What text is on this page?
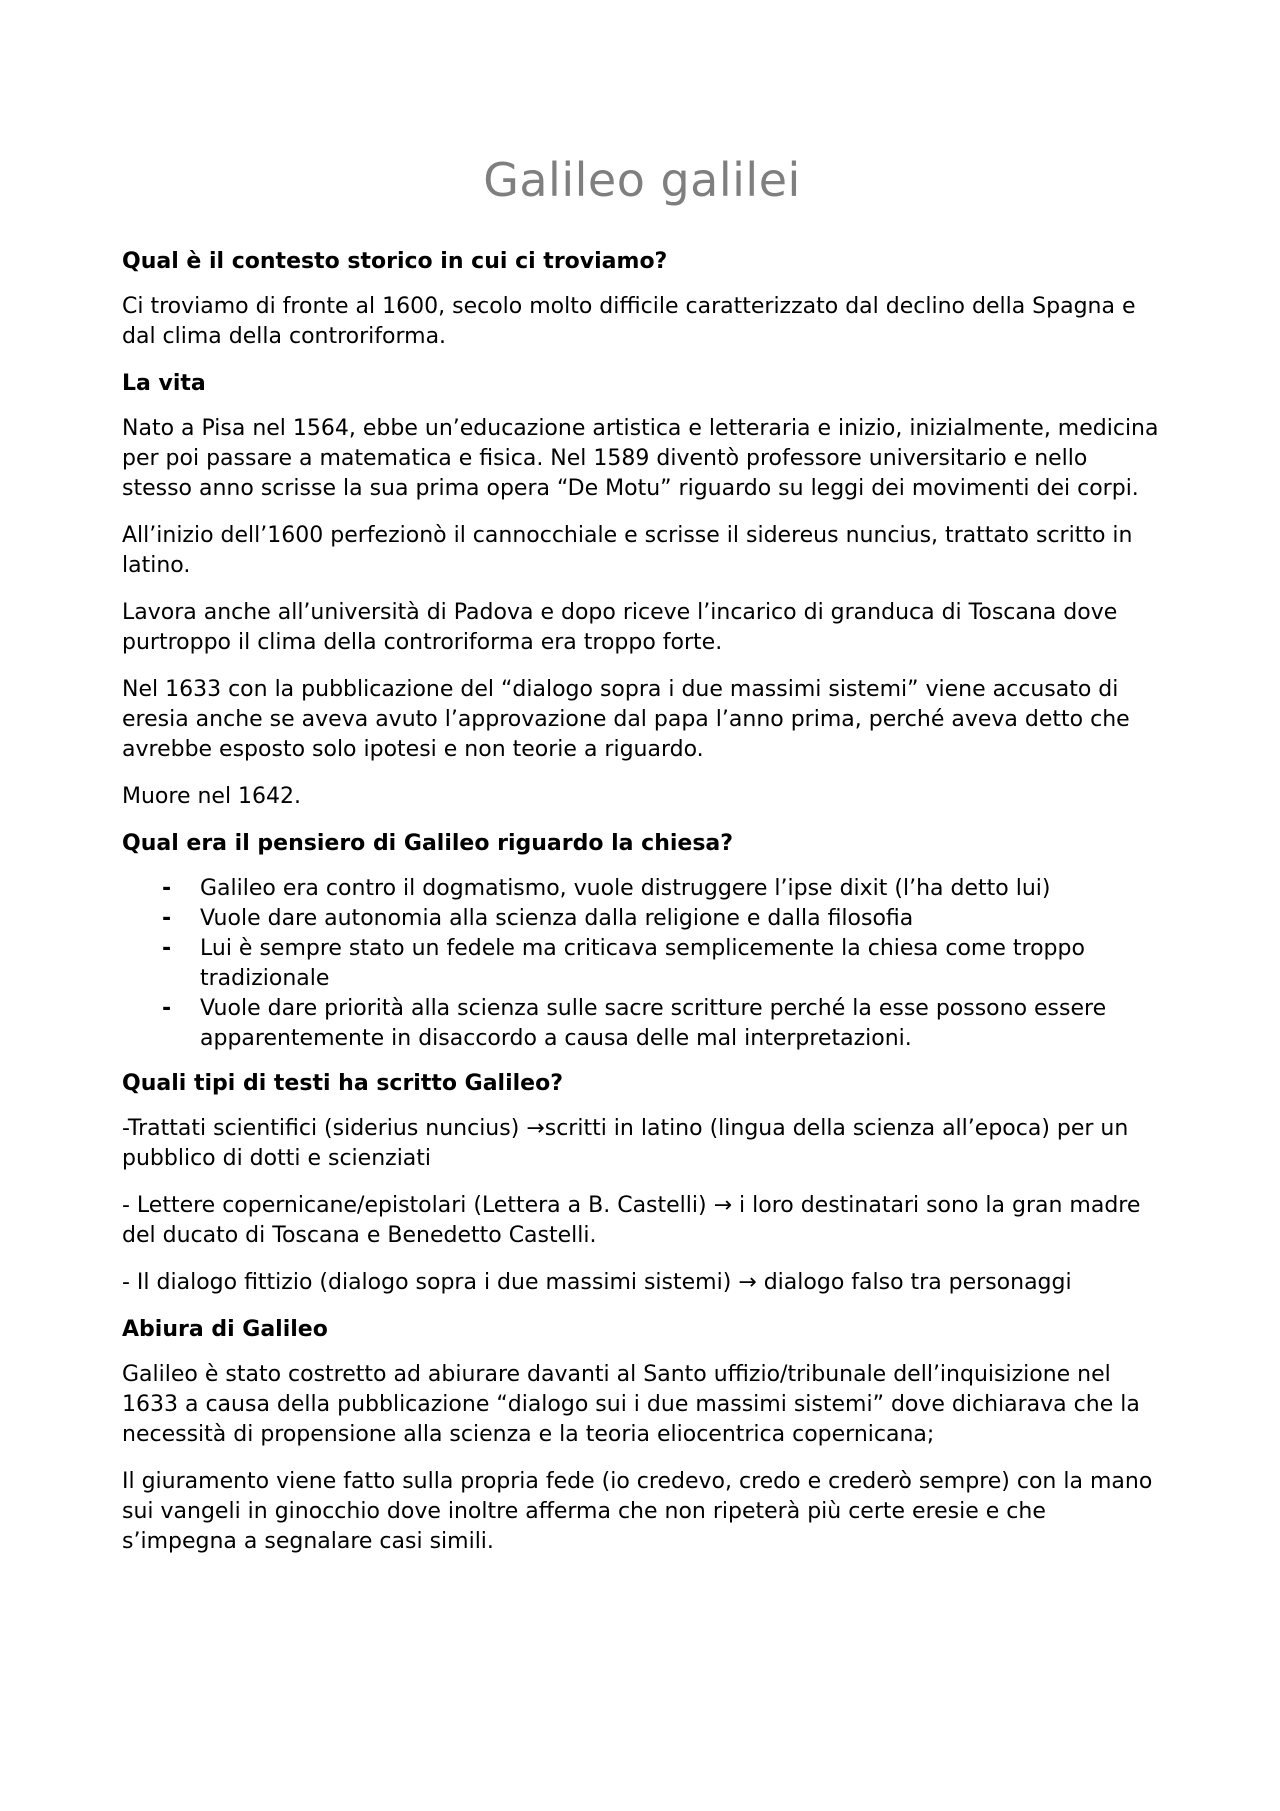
Galileo galilei
Qual è il contesto storico in cui ci troviamo?

Ci troviamo di fronte al 1600, secolo molto difficile caratterizzato dal declino della Spagna e dal clima della controriforma.

La vita

Nato a Pisa nel 1564, ebbe un’educazione artistica e letteraria e inizio, inizialmente, medicina per poi passare a matematica e fisica. Nel 1589 diventò professore universitario e nello stesso anno scrisse la sua prima opera “De Motu” riguardo su leggi dei movimenti dei corpi.

All’inizio dell’1600 perfezionò il cannocchiale e scrisse il sidereus nuncius, trattato scritto in latino.

Lavora anche all’università di Padova e dopo riceve l’incarico di granduca di Toscana dove purtroppo il clima della controriforma era troppo forte.

Nel 1633 con la pubblicazione del “dialogo sopra i due massimi sistemi” viene accusato di eresia anche se aveva avuto l’approvazione dal papa l’anno prima, perché aveva detto che avrebbe esposto solo ipotesi e non teorie a riguardo.

Muore nel 1642.

Qual era il pensiero di Galileo riguardo la chiesa?
- Galileo era contro il dogmatismo, vuole distruggere l’ipse dixit (l’ha detto lui)
- Vuole dare autonomia alla scienza dalla religione e dalla filosofia
- Lui è sempre stato un fedele ma criticava semplicemente la chiesa come troppo tradizionale
- Vuole dare priorità alla scienza sulle sacre scritture perché la esse possono essere apparentemente in disaccordo a causa delle mal interpretazioni.
Quali tipi di testi ha scritto Galileo?

-Trattati scientifici (siderius nuncius) →scritti in latino (lingua della scienza all’epoca) per un pubblico di dotti e scienziati

- Lettere copernicane/epistolari (Lettera a B. Castelli) → i loro destinatari sono la gran madre del ducato di Toscana e Benedetto Castelli.

- Il dialogo fittizio (dialogo sopra i due massimi sistemi) → dialogo falso tra personaggi

Abiura di Galileo

Galileo è stato costretto ad abiurare davanti al Santo uffizio/tribunale dell’inquisizione nel 1633 a causa della pubblicazione “dialogo sui i due massimi sistemi” dove dichiarava che la necessità di propensione alla scienza e la teoria eliocentrica copernicana;

Il giuramento viene fatto sulla propria fede (io credevo, credo e crederò sempre) con la mano sui vangeli in ginocchio dove inoltre afferma che non ripeterà più certe eresie e che s’impegna a segnalare casi simili.
